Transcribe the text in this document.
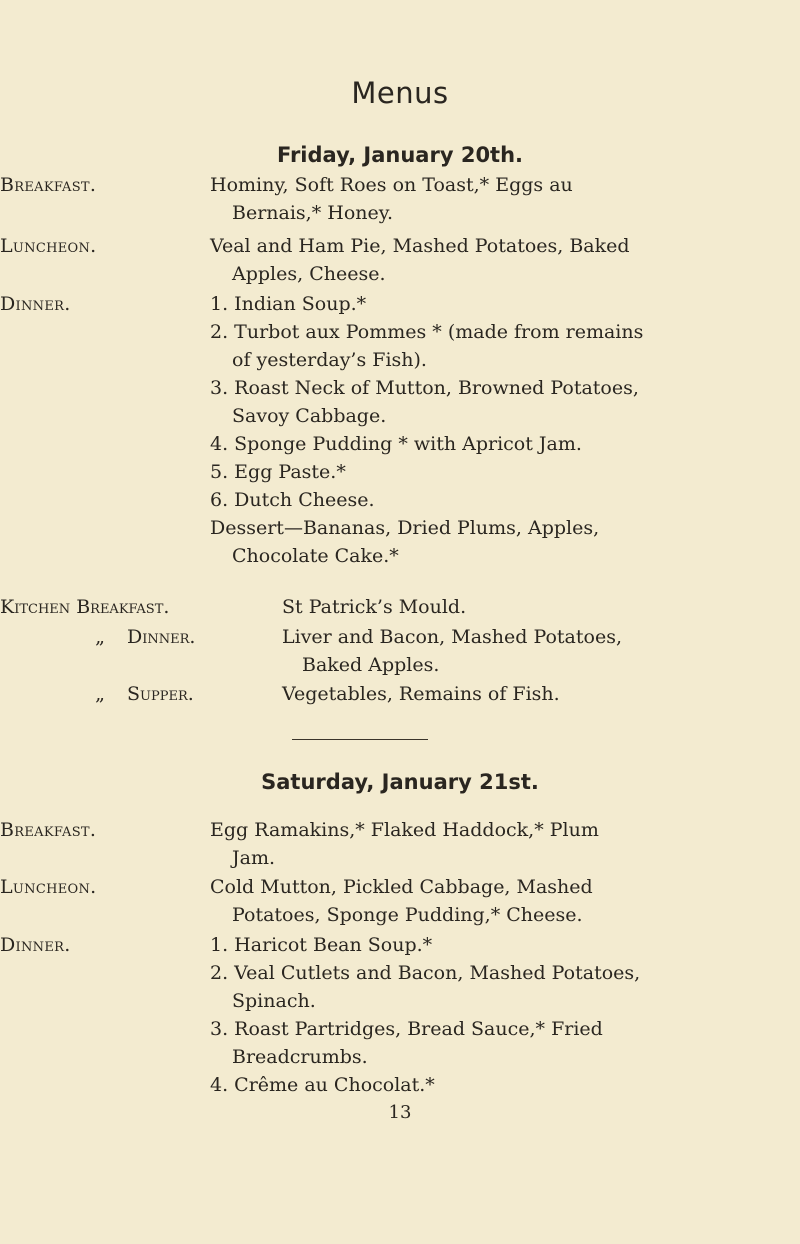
Menus
Friday, January 20th.
Breakfast.	Hominy, Soft Roes on Toast,* Eggs au
Bernais,* Honey.
Luncheon.	Veal and Ham Pie, Mashed Potatoes, Baked
Apples, Cheese.
Dinner.	1. Indian Soup.*
2. Turbot aux Pommes * (made from remains
of yesterday’s Fish).
3. Roast Neck of Mutton, Browned Potatoes,
Savoy Cabbage.
4. Sponge Pudding * with Apricot Jam.
5. Egg Paste.*
6. Dutch Cheese.
Dessert—Bananas, Dried Plums, Apples,
Chocolate Cake.*
Kitchen Breakfast.	St Patrick’s Mould.
„	Dinner.	Liver and Bacon, Mashed Potatoes,
Baked Apples.
„	Supper.	Vegetables, Remains of Fish.
Saturday, January 21st.
Breakfast.	Egg Ramakins,* Flaked Haddock,* Plum
Jam.
Luncheon.	Cold Mutton, Pickled Cabbage, Mashed
Potatoes, Sponge Pudding,* Cheese.
Dinner.	1. Haricot Bean Soup.*
2. Veal Cutlets and Bacon, Mashed Potatoes,
Spinach.
3. Roast Partridges, Bread Sauce,* Fried
Breadcrumbs.
4. Crême au Chocolat.*
13
